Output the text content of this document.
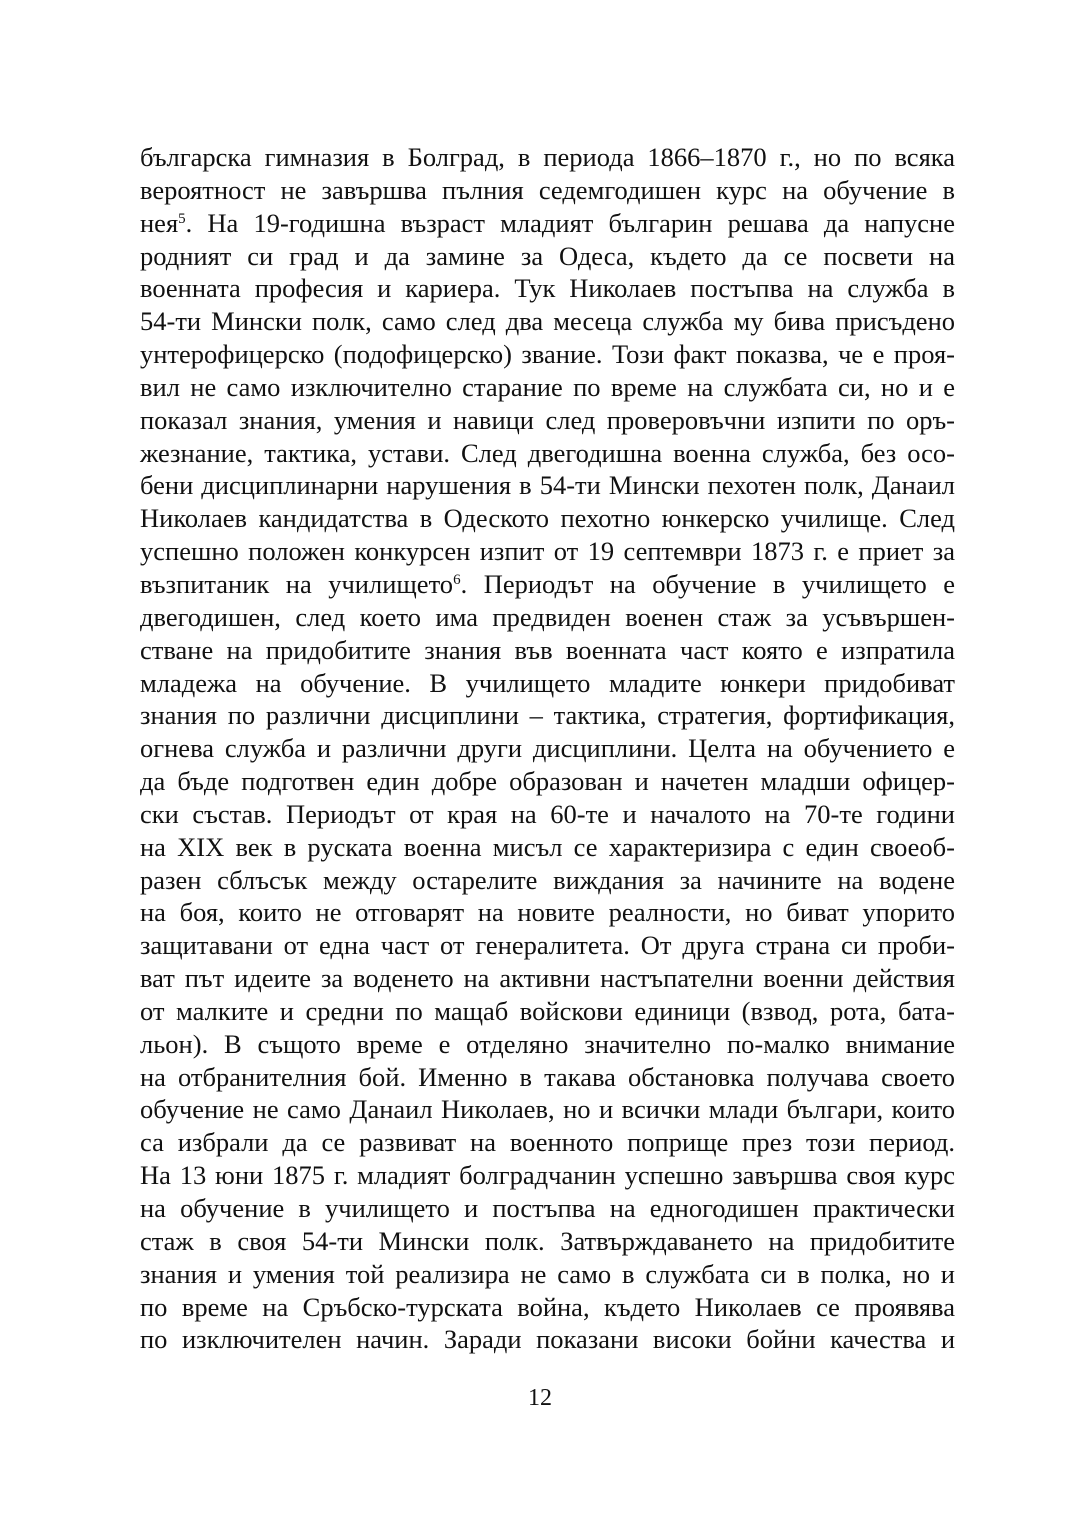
българска гимназия в Болград, в периода 1866–1870 г., но по всяка
вероятност не завършва пълния седемгодишен курс на обучение в
нея$^5$. На 19-годишна възраст младият българин решава да напусне
родният си град и да замине за Одеса, където да се посвети на
военната професия и кариера. Тук Николаев постъпва на служба в
54-ти Мински полк, само след два месеца служба му бива присъдено
унтерофицерско (подофицерско) звание. Този факт показва, че е проя-
вил не само изключително старание по време на службата си, но и е
показал знания, умения и навици след проверовъчни изпити по оръ-
жезнание, тактика, устави. След двегодишна военна служба, без осо-
бени дисциплинарни нарушения в 54-ти Мински пехотен полк, Данаил
Николаев кандидатства в Одеското пехотно юнкерско училище. След
успешно положен конкурсен изпит от 19 септември 1873 г. е приет за
възпитаник на училището$^6$. Периодът на обучение в училището е
двегодишен, след което има предвиден военен стаж за усъвършен-
стване на придобитите знания във военната част която е изпратила
младежа на обучение. В училището младите юнкери придобиват
знания по различни дисциплини – тактика, стратегия, фортификация,
огнева служба и различни други дисциплини. Целта на обучението е
да бъде подготвен един добре образован и начетен младши офицер-
ски състав. Периодът от края на 60-те и началото на 70-те години
на XIX век в руската военна мисъл се характеризира с един своеоб-
разен сблъсък между остарелите виждания за начините на водене
на боя, които не отговарят на новите реалности, но биват упорито
защитавани от една част от генералитета. От друга страна си проби-
ват път идеите за воденето на активни настъпателни военни действия
от малките и средни по мащаб войскови единици (взвод, рота, бата-
льон). В същото време е отделяно значително по-малко внимание
на отбранителния бой. Именно в такава обстановка получава своето
обучение не само Данаил Николаев, но и всички млади българи, които
са избрали да се развиват на военното поприще през този период.
На 13 юни 1875 г. младият болградчанин успешно завършва своя курс
на обучение в училището и постъпва на едногодишен практически
стаж в своя 54-ти Мински полк. Затвърждаването на придобитите
знания и умения той реализира не само в службата си в полка, но и
по време на Сръбско-турската война, където Николаев се проявява
по изключителен начин. Заради показани високи бойни качества и
12
